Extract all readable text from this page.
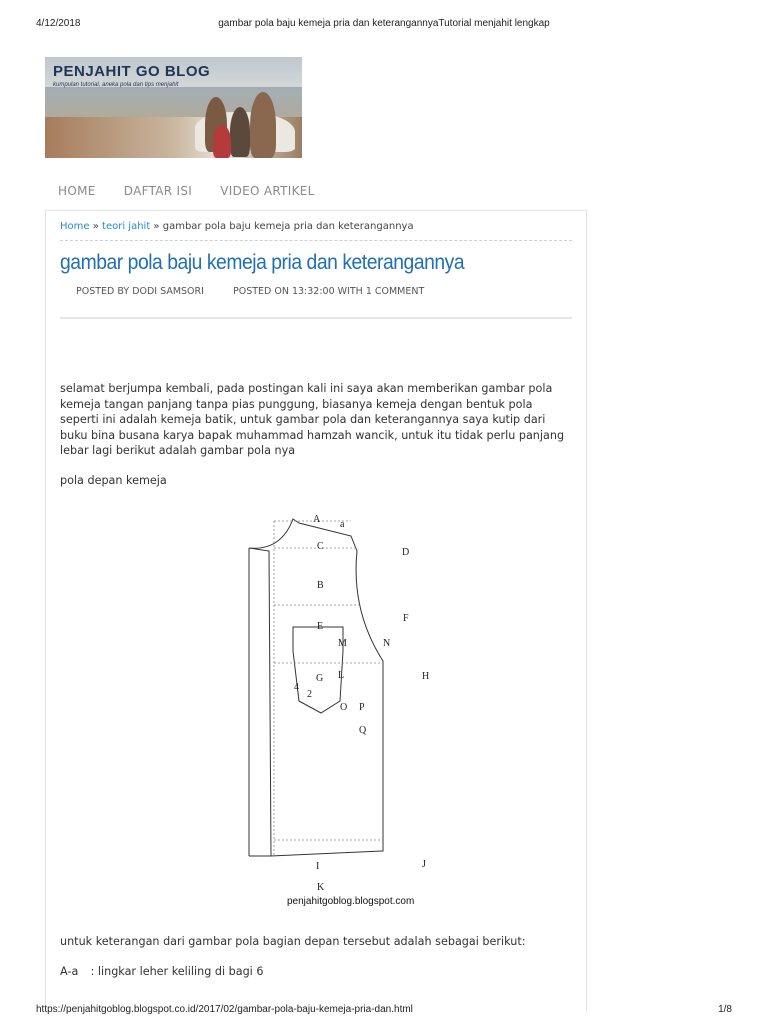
4/12/2018	gambar pola baju kemeja pria dan keterangannyaTutorial menjahit lengkap
PENJAHIT GO BLOG
kumpulan tutorial, aneka pola dan tips menjahit
HOME DAFTAR ISI VIDEO ARTIKEL
Home » teori jahit » gambar pola baju kemeja pria dan keterangannya
gambar pola baju kemeja pria dan keterangannya
POSTED BY DODI SAMSORI	POSTED ON 13:32:00 WITH 1 COMMENT
selamat berjumpa kembali, pada postingan kali ini saya akan memberikan gambar pola kemeja tangan panjang tanpa pias punggung, biasanya kemeja dengan bentuk pola seperti ini adalah kemeja batik, untuk gambar pola dan keterangannya saya kutip dari buku bina busana karya bapak muhammad hamzah wancik, untuk itu tidak perlu panjang lebar lagi berikut adalah gambar pola nya
pola depan kemeja
A a
C
D
B
F
E
M	N
G L	H
4
2
O P
Q
I	J
K
penjahitgoblog.blogspot.com
untuk keterangan dari gambar pola bagian depan tersebut adalah sebagai berikut:
A-a : lingkar leher keliling di bagi 6
https://penjahitgoblog.blogspot.co.id/2017/02/gambar-pola-baju-kemeja-pria-dan.html	1/8
